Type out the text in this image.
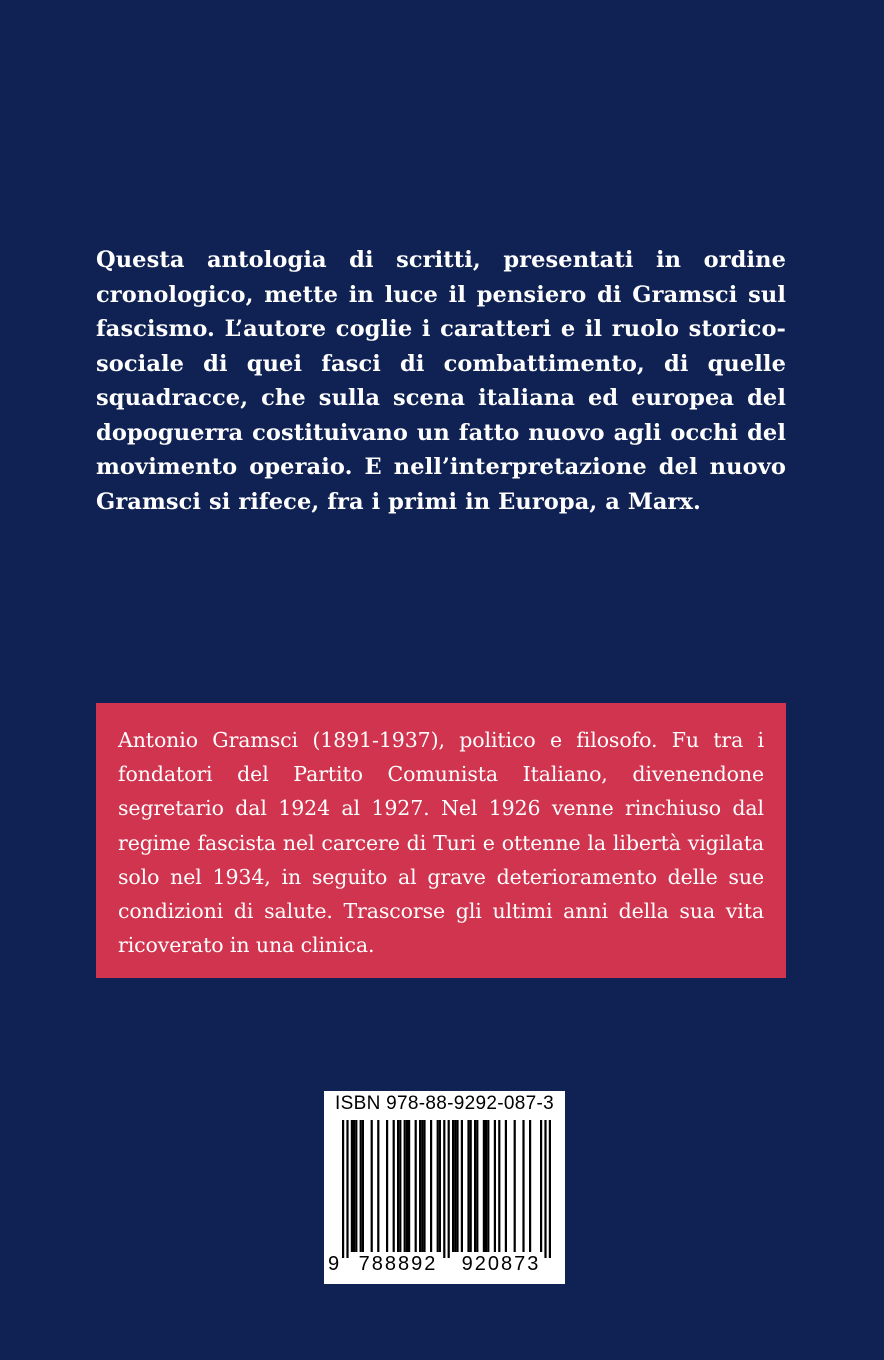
Questa antologia di scritti, presentati in ordine cronologico, mette in luce il pensiero di Gramsci sul fascismo. L’autore coglie i caratteri e il ruolo storico-sociale di quei fasci di combattimento, di quelle squadracce, che sulla scena italiana ed europea del dopoguerra costituivano un fatto nuovo agli occhi del movimento operaio. E nell’interpretazione del nuovo Gramsci si rifece, fra i primi in Europa, a Marx.

Antonio Gramsci (1891-1937), politico e filosofo. Fu tra i fondatori del Partito Comunista Italiano, divenendone segretario dal 1924 al 1927. Nel 1926 venne rinchiuso dal regime fascista nel carcere di Turi e ottenne la libertà vigilata solo nel 1934, in seguito al grave deterioramento delle sue condizioni di salute. Trascorse gli ultimi anni della sua vita ricoverato in una clinica.

ISBN 978-88-9292-087-3
9 788892	920873
